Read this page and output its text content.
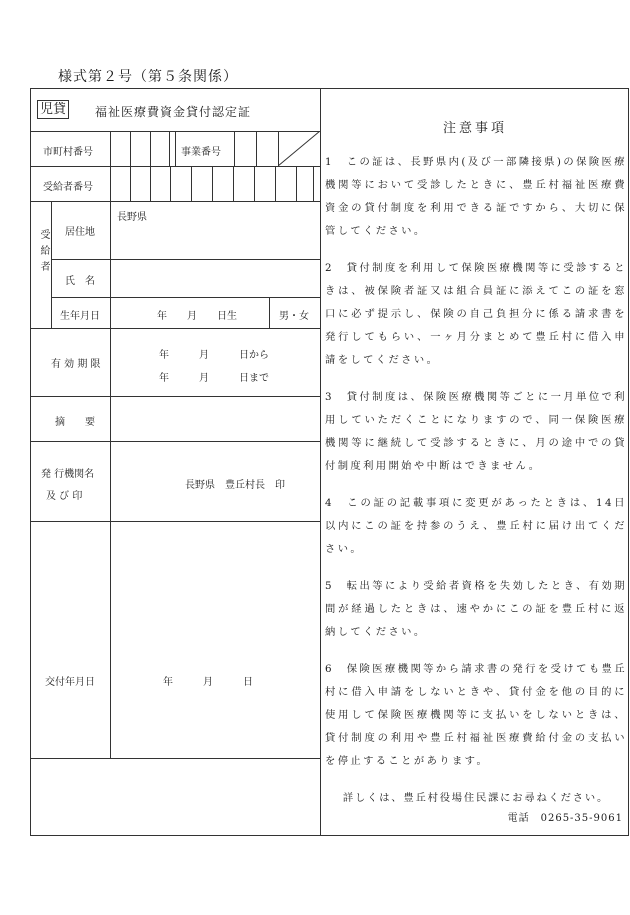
様式第２号（第５条関係）
児貸 福祉医療費資金貸付認定証
市町村番号	事業番号
受給者番号
受給者 居住地
長野県
氏　名
生年月日	年　　月　　日生	男・女
有 効 期 限
年　　　月　　　日から
年　　　月　　　日まで
摘　　要
発 行機関名
及 び 印
長野県　豊丘村長　印
交付年月日	年　　　月　　　日
注意事項

1　この証は、長野県内(及び一部隣接県)の保険医療機関等において受診したときに、豊丘村福祉医療費資金の貸付制度を利用できる証ですから、大切に保管してください。

2　貸付制度を利用して保険医療機関等に受診するときは、被保険者証又は組合員証に添えてこの証を窓口に必ず提示し、保険の自己負担分に係る請求書を発行してもらい、一ヶ月分まとめて豊丘村に借入申請をしてください。

3　貸付制度は、保険医療機関等ごとに一月単位で利用していただくことになりますので、同一保険医療機関等に継続して受診するときに、月の途中での貸付制度利用開始や中断はできません。

4　この証の記載事項に変更があったときは、14日以内にこの証を持参のうえ、豊丘村に届け出てください。

5　転出等により受給者資格を失効したとき、有効期間が経過したときは、速やかにこの証を豊丘村に返納してください。

6　保険医療機関等から請求書の発行を受けても豊丘村に借入申請をしないときや、貸付金を他の目的に使用して保険医療機関等に支払いをしないときは、貸付制度の利用や豊丘村福祉医療費給付金の支払いを停止することがあります。

詳しくは、豊丘村役場住民課にお尋ねください。

電話　0265-35-9061
